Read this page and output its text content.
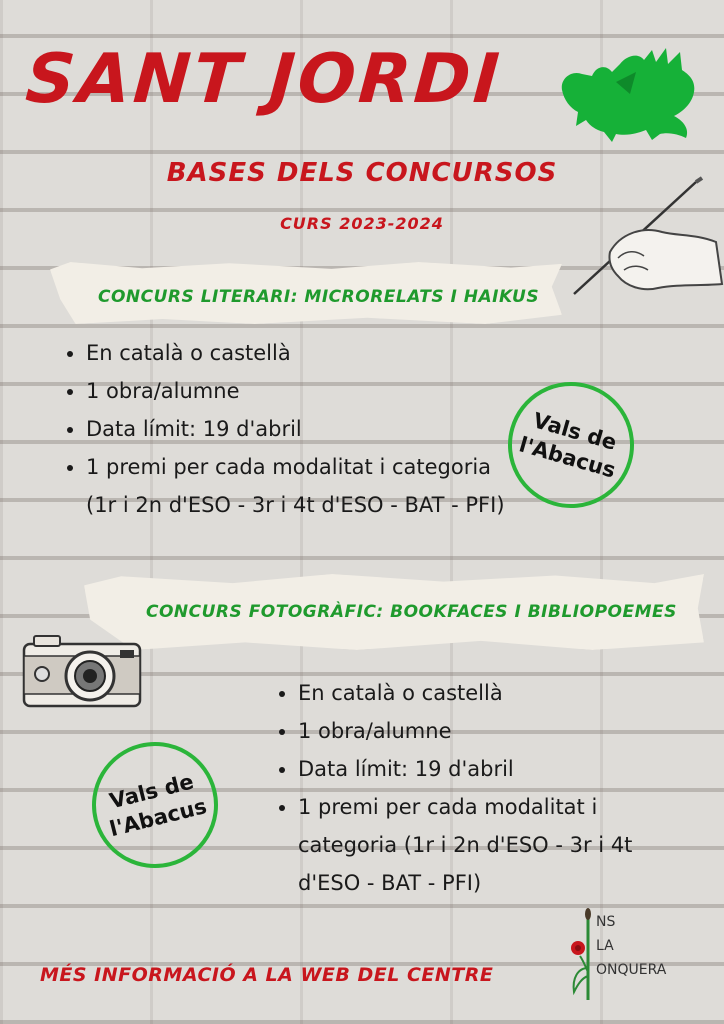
SANT JORDI
BASES DELS CONCURSOS
CURS 2023-2024
CONCURS LITERARI: MICRORELATS I HAIKUS
• En català o castellà
• 1 obra/alumne
• Data límit: 19 d'abril
• 1 premi per cada modalitat i categoria (1r i 2n d'ESO - 3r i 4t d'ESO - BAT - PFI)
Vals de l'Abacus
CONCURS FOTOGRÀFIC: BOOKFACES I BIBLIOPOEMES
• En català o castellà
• 1 obra/alumne
• Data límit: 19 d'abril
• 1 premi per cada modalitat i categoria (1r i 2n d'ESO - 3r i 4t d'ESO - BAT - PFI)
Vals de l'Abacus
MÉS INFORMACIÓ A LA WEB DEL CENTRE
NS
LA
ONQUERA
